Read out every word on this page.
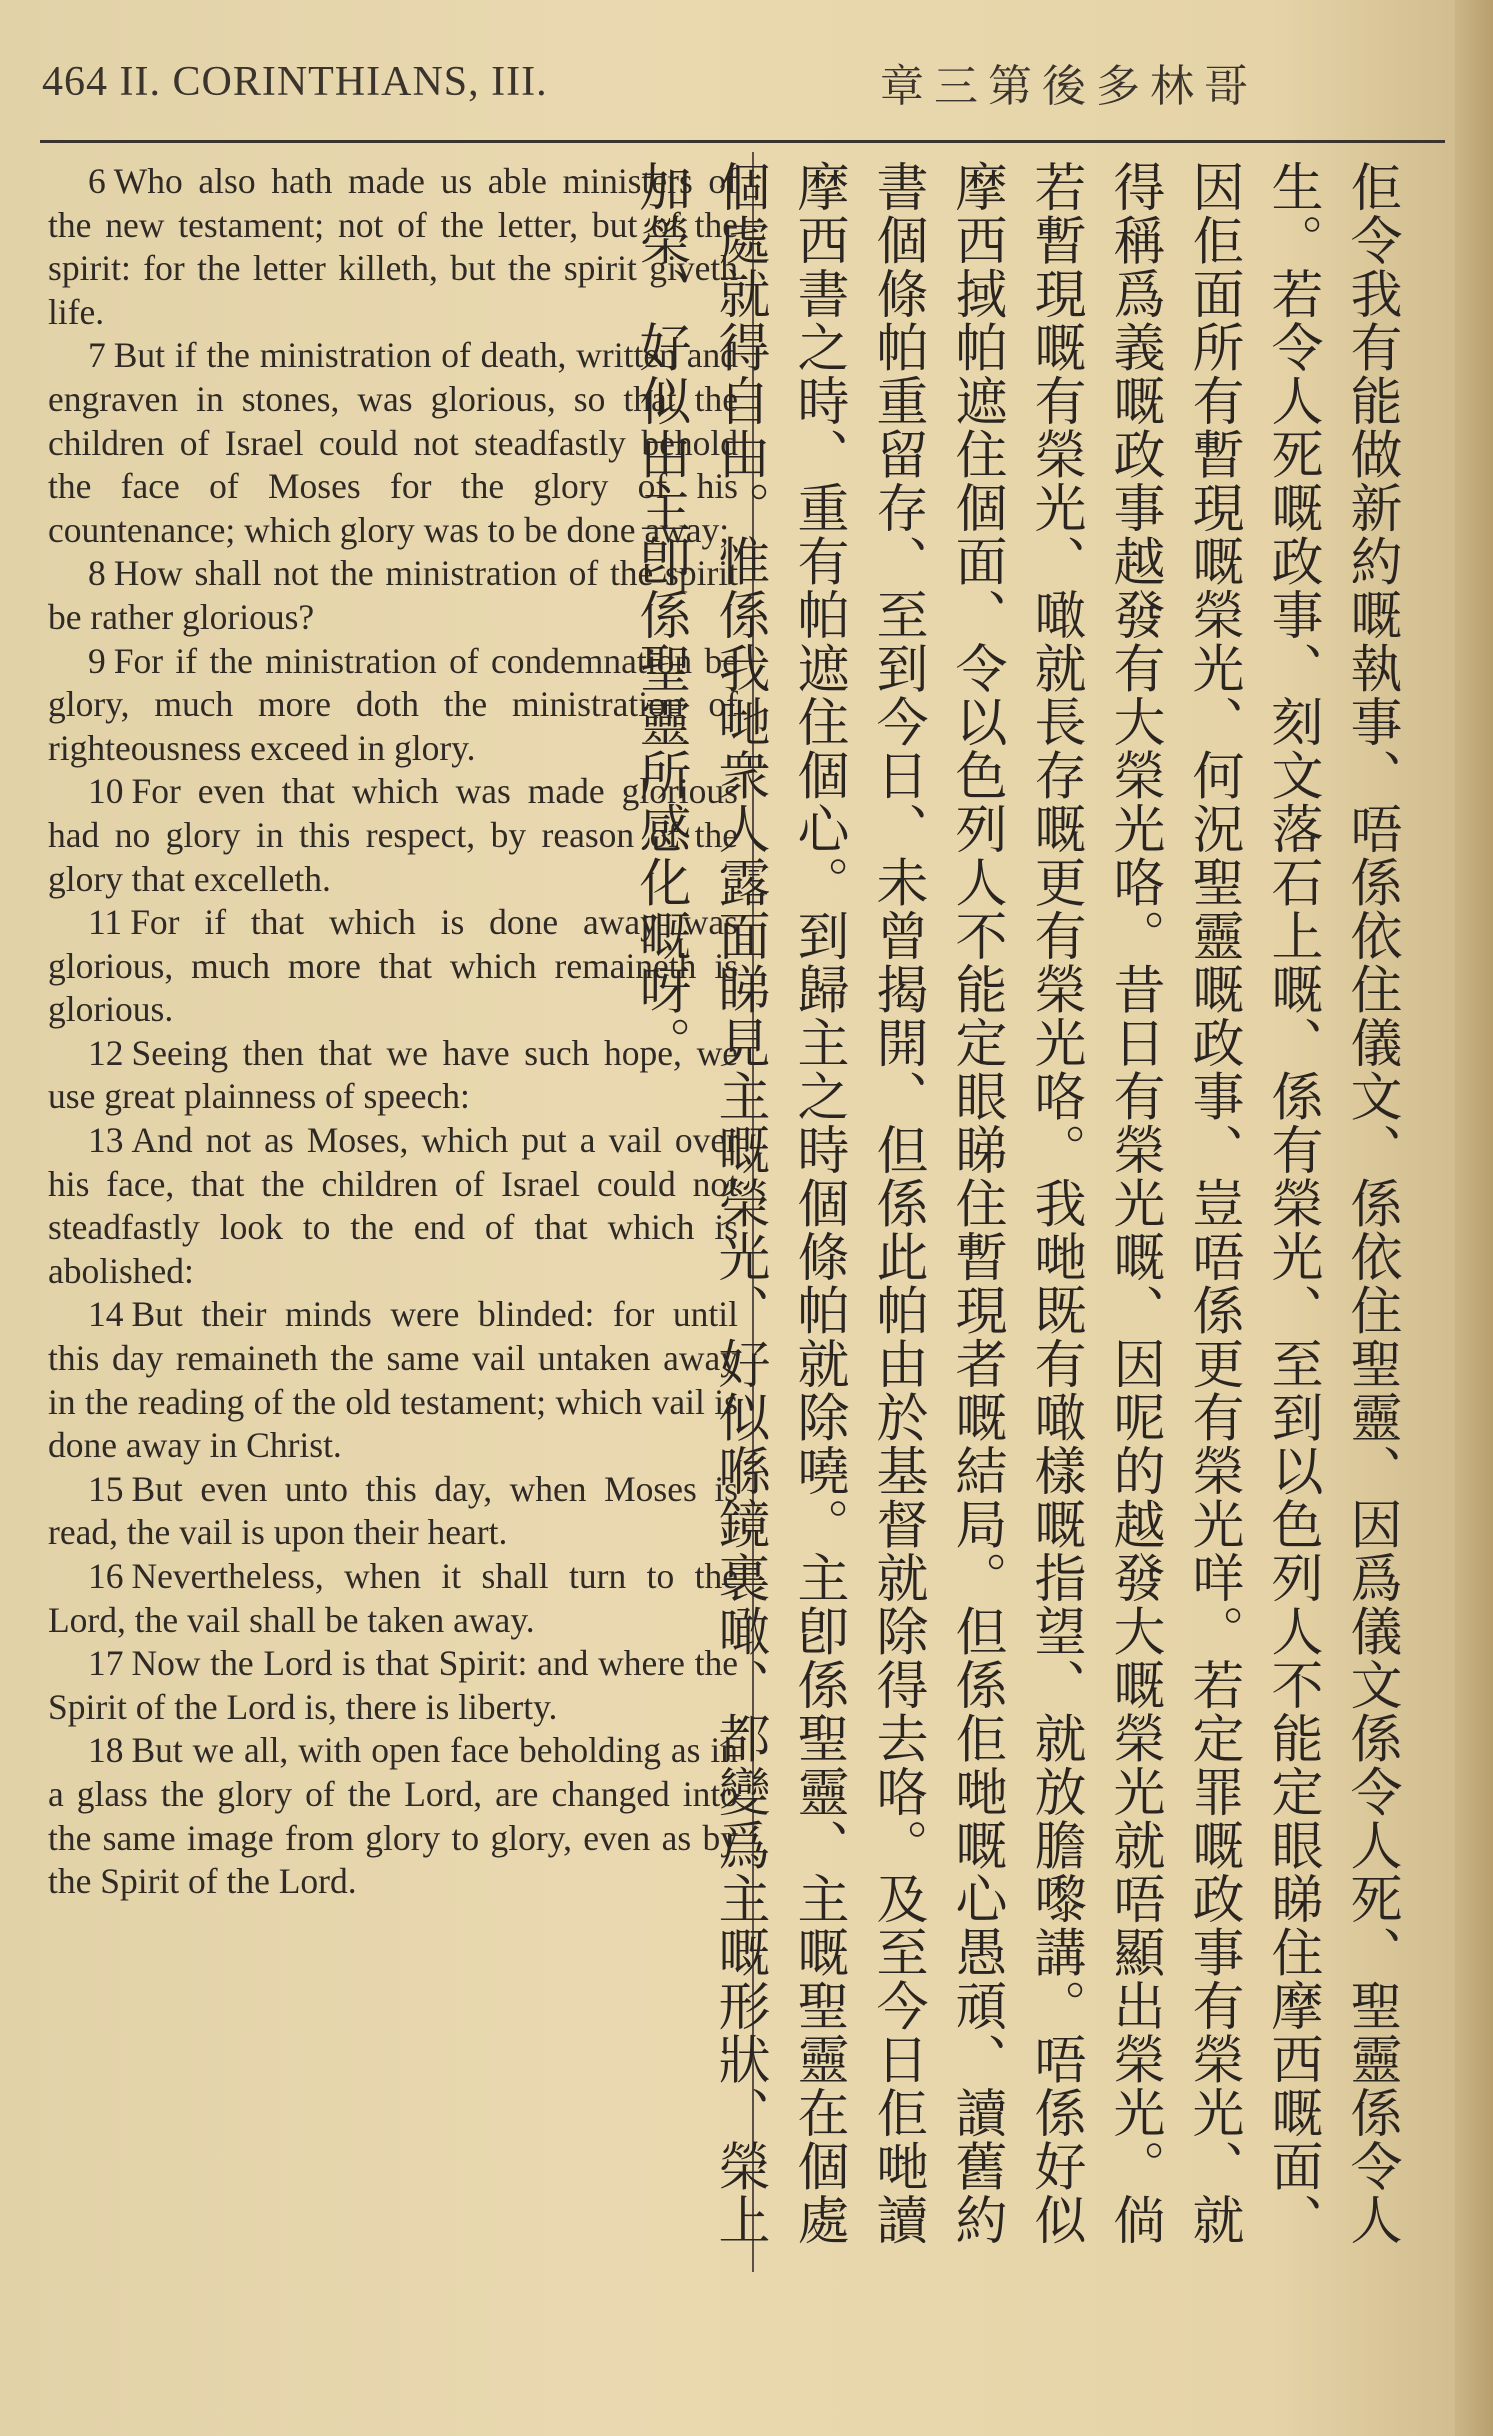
464 II. CORINTHIANS, III.	章三第後多林哥

6 Who also hath made us able ministers of the new testament; not of the letter, but of the spirit: for the letter killeth, but the spirit giveth life.

7 But if the ministration of death, written and engraven in stones, was glorious, so that the children of Israel could not steadfastly behold the face of Moses for the glory of his countenance; which glory was to be done away;

8 How shall not the ministration of the spirit be rather glorious?

9 For if the ministration of condemnation be glory, much more doth the ministration of righteousness exceed in glory.

10 For even that which was made glorious had no glory in this respect, by reason of the glory that excelleth.

11 For if that which is done away was glorious, much more that which remaineth is glorious.

12 Seeing then that we have such hope, we use great plainness of speech:

13 And not as Moses, which put a vail over his face, that the children of Israel could not steadfastly look to the end of that which is abolished:

14 But their minds were blinded: for until this day remaineth the same vail untaken away in the reading of the old testament; which vail is done away in Christ.

15 But even unto this day, when Moses is read, the vail is upon their heart.

16 Nevertheless, when it shall turn to the Lord, the vail shall be taken away.

17 Now the Lord is that Spirit: and where the Spirit of the Lord is, there is liberty.

18 But we all, with open face beholding as in a glass the glory of the Lord, are changed into the same image from glory to glory, even as by the Spirit of the Lord.	佢令我有能做新約嘅執事、唔係依住儀文、係依住聖靈、因爲儀文係令人死、聖靈係令人生。若令人死嘅政事、刻文落石上嘅、係有榮光、至到以色列人不能定眼睇住摩西嘅面、因佢面所有暫現嘅榮光、何況聖靈嘅政事、豈唔係更有榮光咩。若定罪嘅政事有榮光、就得稱爲義嘅政事越發有大榮光咯。昔日有榮光嘅、因呢的越發大嘅榮光就唔顯出榮光。倘若暫現嘅有榮光、噉就長存嘅更有榮光咯。我哋既有噉樣嘅指望、就放膽嚟講。唔係好似摩西掝帕遮住個面、令以色列人不能定眼睇住暫現者嘅結局。但係佢哋嘅心愚頑、讀舊約書個條帕重留存、至到今日、未曾揭開、但係此帕由於基督就除得去咯。及至今日佢哋讀摩西書之時、重有帕遮住個心。到歸主之時個條帕就除嘵。主卽係聖靈、主嘅聖靈在個處個處就得自由。惟係我哋衆人露面睇見主嘅榮光、好似喺鏡裏噉、都變爲主嘅形狀、榮上加榮、好似由主卽係聖靈所感化嘅呀。
